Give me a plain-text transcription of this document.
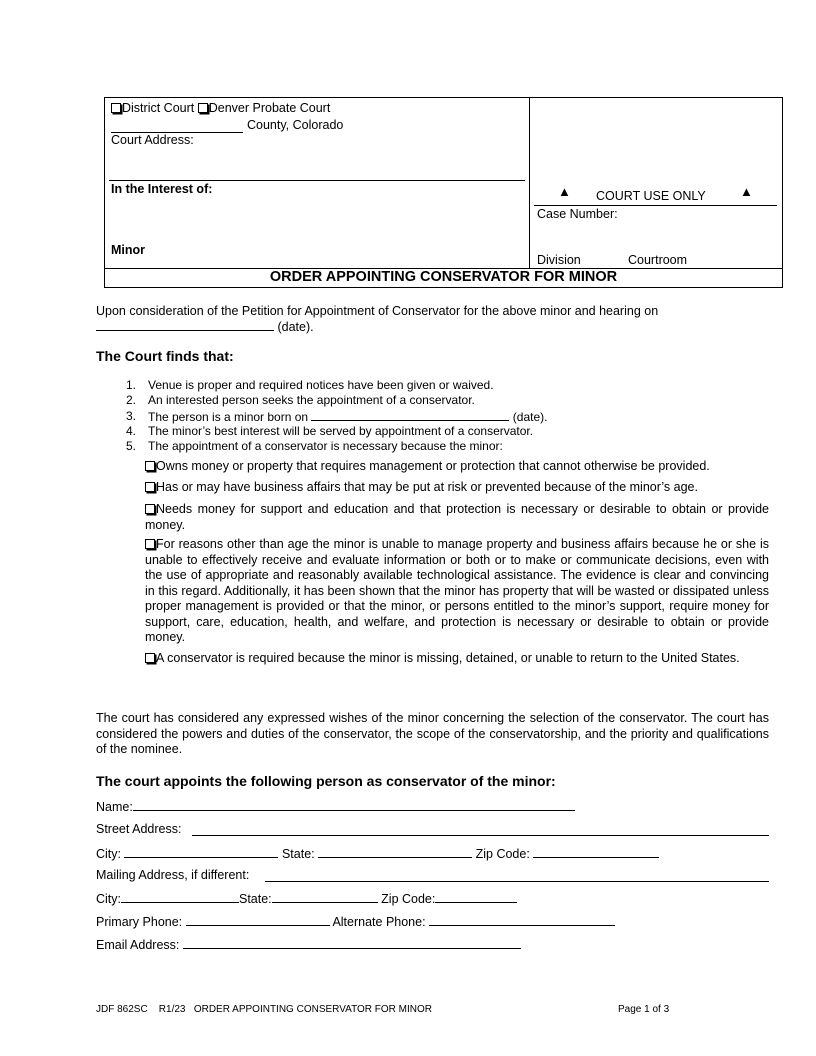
District Court Denver Probate Court
County, Colorado
Court Address:
In the Interest of:
Minor
▲ COURT USE ONLY	▲
Case Number:
Division	Courtroom
ORDER APPOINTING CONSERVATOR FOR MINOR
Upon consideration of the Petition for Appointment of Conservator for the above minor and hearing on
(date).
The Court finds that:
1. Venue is proper and required notices have been given or waived.
2. An interested person seeks the appointment of a conservator.
3. The person is a minor born on	(date).
4. The minor’s best interest will be served by appointment of a conservator.
5. The appointment of a conservator is necessary because the minor:
Owns money or property that requires management or protection that cannot otherwise be provided.
Has or may have business affairs that may be put at risk or prevented because of the minor’s age.
Needs money for support and education and that protection is necessary or desirable to obtain or provide money.
For reasons other than age the minor is unable to manage property and business affairs because he or she is unable to effectively receive and evaluate information or both or to make or communicate decisions, even with the use of appropriate and reasonably available technological assistance. The evidence is clear and convincing in this regard. Additionally, it has been shown that the minor has property that will be wasted or dissipated unless proper management is provided or that the minor, or persons entitled to the minor’s support, require money for support, care, education, health, and welfare, and protection is necessary or desirable to obtain or provide money.
A conservator is required because the minor is missing, detained, or unable to return to the United States.
The court has considered any expressed wishes of the minor concerning the selection of the conservator. The court has considered the powers and duties of the conservator, the scope of the conservatorship, and the priority and qualifications of the nominee.
The court appoints the following person as conservator of the minor:
Name:
Street Address:
City:	State:	Zip Code:
Mailing Address, if different:
City:	State:	Zip Code:
Primary Phone:	Alternate Phone:
Email Address:
JDF 862SC    R1/23   ORDER APPOINTING CONSERVATOR FOR MINOR	Page 1 of 3
